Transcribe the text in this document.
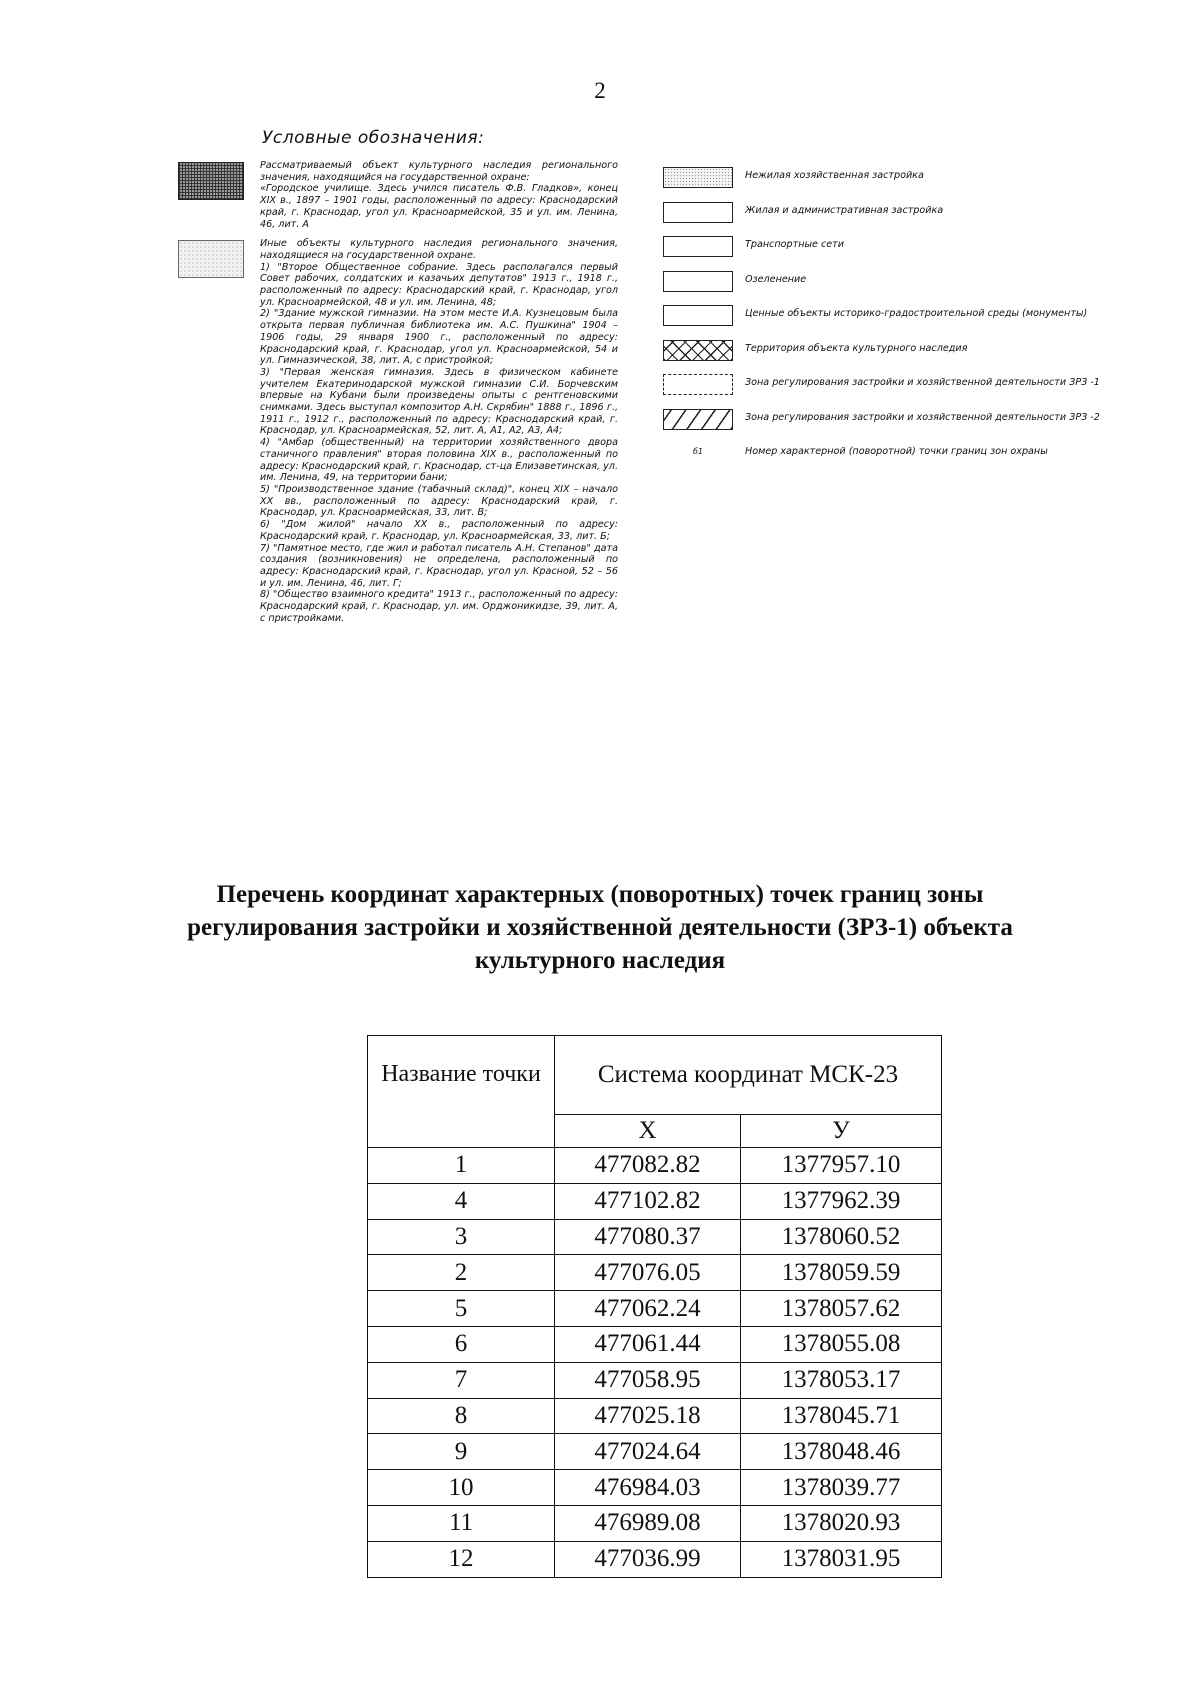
2
Условные обозначения:

Рассматриваемый объект культурного наследия регионального значения, находящийся на государственной охране:

«Городское училище. Здесь учился писатель Ф.В. Гладков», конец XIX в., 1897 – 1901 годы, расположенный по адресу: Краснодарский край, г. Краснодар, угол ул. Красноармейской, 35 и ул. им. Ленина, 46, лит. А

Иные объекты культурного наследия регионального значения, находящиеся на государственной охране.

1) "Второе Общественное собрание. Здесь располагался первый Совет рабочих, солдатских и казачьих депутатов" 1913 г., 1918 г., расположенный по адресу: Краснодарский край, г. Краснодар, угол ул. Красноармейской, 48 и ул. им. Ленина, 48;

2) "Здание мужской гимназии. На этом месте И.А. Кузнецовым была открыта первая публичная библиотека им. А.С. Пушкина" 1904 – 1906 годы, 29 января 1900 г., расположенный по адресу: Краснодарский край, г. Краснодар, угол ул. Красноармейской, 54 и ул. Гимназической, 38, лит. А, с пристройкой;

3) "Первая женская гимназия. Здесь в физическом кабинете учителем Екатеринодарской мужской гимназии С.И. Борчевским впервые на Кубани были произведены опыты с рентгеновскими снимками. Здесь выступал композитор А.Н. Скрябин" 1888 г., 1896 г., 1911 г., 1912 г., расположенный по адресу: Краснодарский край, г. Краснодар, ул. Красноармейская, 52, лит. А, А1, А2, А3, А4;

4) "Амбар (общественный) на территории хозяйственного двора станичного правления" вторая половина XIX в., расположенный по адресу: Краснодарский край, г. Краснодар, ст-ца Елизаветинская, ул. им. Ленина, 49, на территории бани;

5) "Производственное здание (табачный склад)", конец XIX – начало XX вв., расположенный по адресу: Краснодарский край, г. Краснодар, ул. Красноармейская, 33, лит. В;

6) "Дом жилой" начало XX в., расположенный по адресу: Краснодарский край, г. Краснодар, ул. Красноармейская, 33, лит. Б;

7) "Памятное место, где жил и работал писатель А.Н. Степанов" дата создания (возникновения) не определена, расположенный по адресу: Краснодарский край, г. Краснодар, угол ул. Красной, 52 – 56 и ул. им. Ленина, 46, лит. Г;

8) "Общество взаимного кредита" 1913 г., расположенный по адресу: Краснодарский край, г. Краснодар, ул. им. Орджоникидзе, 39, лит. А, с пристройками.

Нежилая хозяйственная застройка
Жилая и административная застройка
Транспортные сети
Озеленение
Ценные объекты историко-градостроительной среды (монументы)
Территория объекта культурного наследия
Зона регулирования застройки и хозяйственной деятельности ЗРЗ -1
Зона регулирования застройки и хозяйственной деятельности ЗРЗ -2
б1	Номер характерной (поворотной) точки границ зон охраны
Перечень координат характерных (поворотных) точек границ зоны
регулирования застройки и хозяйственной деятельности (ЗРЗ-1) объекта
культурного наследия
Название точки	Система координат МСК-23	
	X	У
1	477082.82	1377957.10
4	477102.82	1377962.39
3	477080.37	1378060.52
2	477076.05	1378059.59
5	477062.24	1378057.62
6	477061.44	1378055.08
7	477058.95	1378053.17
8	477025.18	1378045.71
9	477024.64	1378048.46
10	476984.03	1378039.77
11	476989.08	1378020.93
12	477036.99	1378031.95
